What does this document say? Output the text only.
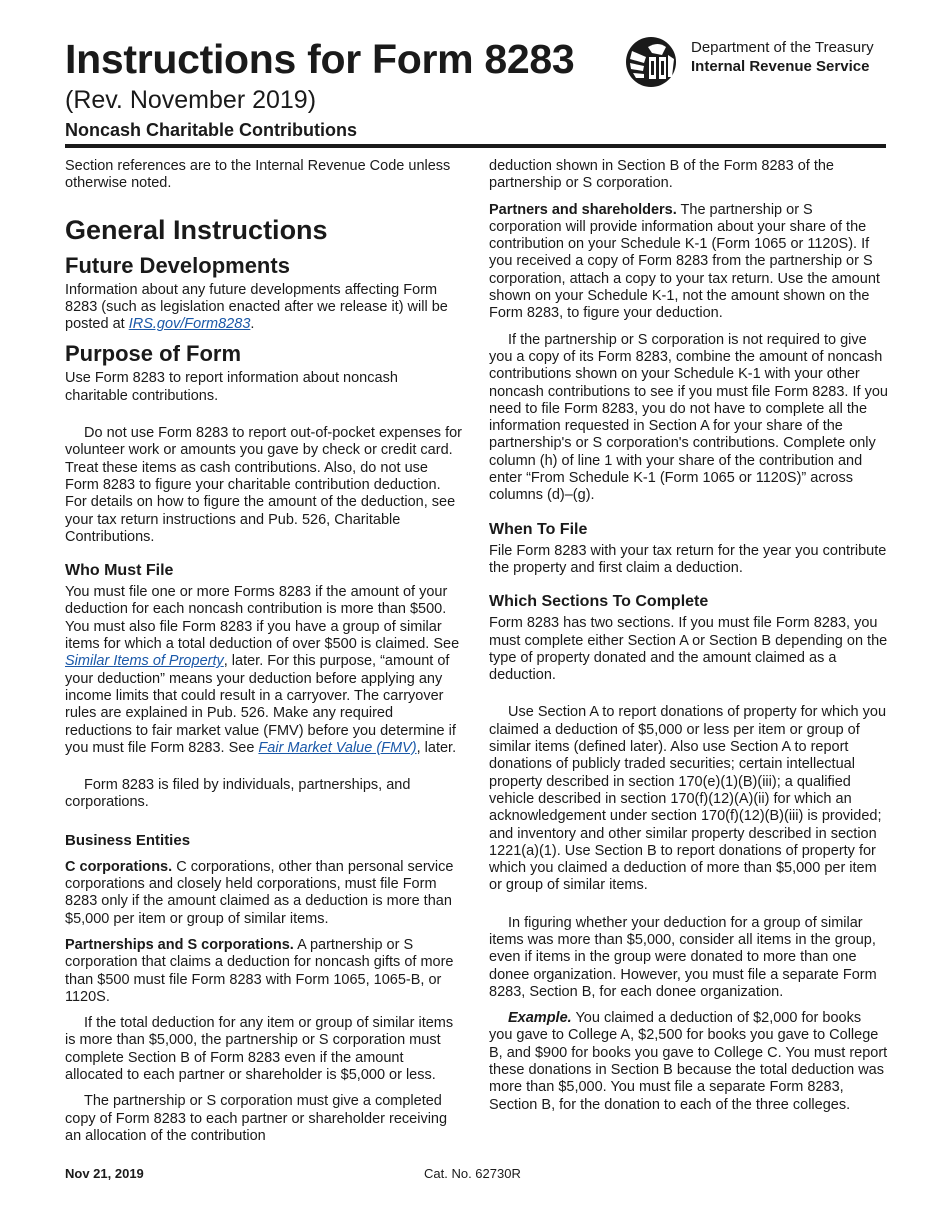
Instructions for Form 8283
(Rev. November 2019)
Noncash Charitable Contributions
Department of the Treasury
Internal Revenue Service

Section references are to the Internal Revenue Code unless otherwise noted.

General Instructions
Future Developments

Information about any future developments affecting Form 8283 (such as legislation enacted after we release it) will be posted at IRS.gov/Form8283.

Purpose of Form

Use Form 8283 to report information about noncash charitable contributions.

Do not use Form 8283 to report out-of-pocket expenses for volunteer work or amounts you gave by check or credit card. Treat these items as cash contributions. Also, do not use Form 8283 to figure your charitable contribution deduction. For details on how to figure the amount of the deduction, see your tax return instructions and Pub. 526, Charitable Contributions.

Who Must File

You must file one or more Forms 8283 if the amount of your deduction for each noncash contribution is more than $500. You must also file Form 8283 if you have a group of similar items for which a total deduction of over $500 is claimed. See Similar Items of Property, later. For this purpose, “amount of your deduction” means your deduction before applying any income limits that could result in a carryover. The carryover rules are explained in Pub. 526. Make any required reductions to fair market value (FMV) before you determine if you must file Form 8283. See Fair Market Value (FMV), later.

Form 8283 is filed by individuals, partnerships, and corporations.

Business Entities

C corporations. C corporations, other than personal service corporations and closely held corporations, must file Form 8283 only if the amount claimed as a deduction is more than $5,000 per item or group of similar items.

Partnerships and S corporations. A partnership or S corporation that claims a deduction for noncash gifts of more than $500 must file Form 8283 with Form 1065, 1065-B, or 1120S.

If the total deduction for any item or group of similar items is more than $5,000, the partnership or S corporation must complete Section B of Form 8283 even if the amount allocated to each partner or shareholder is $5,000 or less.

The partnership or S corporation must give a completed copy of Form 8283 to each partner or shareholder receiving an allocation of the contribution

deduction shown in Section B of the Form 8283 of the partnership or S corporation.

Partners and shareholders. The partnership or S corporation will provide information about your share of the contribution on your Schedule K-1 (Form 1065 or 1120S). If you received a copy of Form 8283 from the partnership or S corporation, attach a copy to your tax return. Use the amount shown on your Schedule K-1, not the amount shown on the Form 8283, to figure your deduction.

If the partnership or S corporation is not required to give you a copy of its Form 8283, combine the amount of noncash contributions shown on your Schedule K-1 with your other noncash contributions to see if you must file Form 8283. If you need to file Form 8283, you do not have to complete all the information requested in Section A for your share of the partnership's or S corporation's contributions. Complete only column (h) of line 1 with your share of the contribution and enter “From Schedule K-1 (Form 1065 or 1120S)” across columns (d)–(g).

When To File

File Form 8283 with your tax return for the year you contribute the property and first claim a deduction.

Which Sections To Complete

Form 8283 has two sections. If you must file Form 8283, you must complete either Section A or Section B depending on the type of property donated and the amount claimed as a deduction.

Use Section A to report donations of property for which you claimed a deduction of $5,000 or less per item or group of similar items (defined later). Also use Section A to report donations of publicly traded securities; certain intellectual property described in section 170(e)(1)(B)(iii); a qualified vehicle described in section 170(f)(12)(A)(ii) for which an acknowledgement under section 170(f)(12)(B)(iii) is provided; and inventory and other similar property described in section 1221(a)(1). Use Section B to report donations of property for which you claimed a deduction of more than $5,000 per item or group of similar items.

In figuring whether your deduction for a group of similar items was more than $5,000, consider all items in the group, even if items in the group were donated to more than one donee organization. However, you must file a separate Form 8283, Section B, for each donee organization.

Example. You claimed a deduction of $2,000 for books you gave to College A, $2,500 for books you gave to College B, and $900 for books you gave to College C. You must report these donations in Section B because the total deduction was more than $5,000. You must file a separate Form 8283, Section B, for the donation to each of the three colleges.

Nov 21, 2019	Cat. No. 62730R
